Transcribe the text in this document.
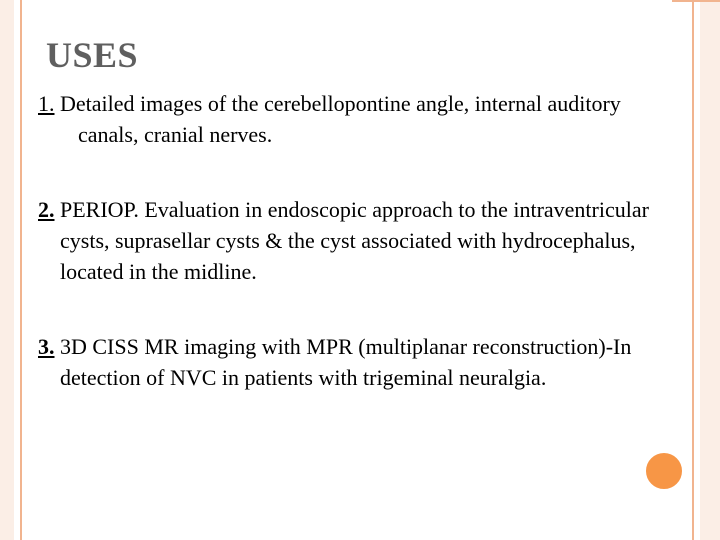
USES

1. Detailed images of the cerebellopontine angle, internal auditory canals, cranial nerves.

2. PERIOP. Evaluation in endoscopic approach to the intraventricular cysts, suprasellar cysts & the cyst associated with hydrocephalus, located in the midline.

3. 3D CISS MR imaging with MPR (multiplanar reconstruction)-In detection of NVC in patients with trigeminal neuralgia.
